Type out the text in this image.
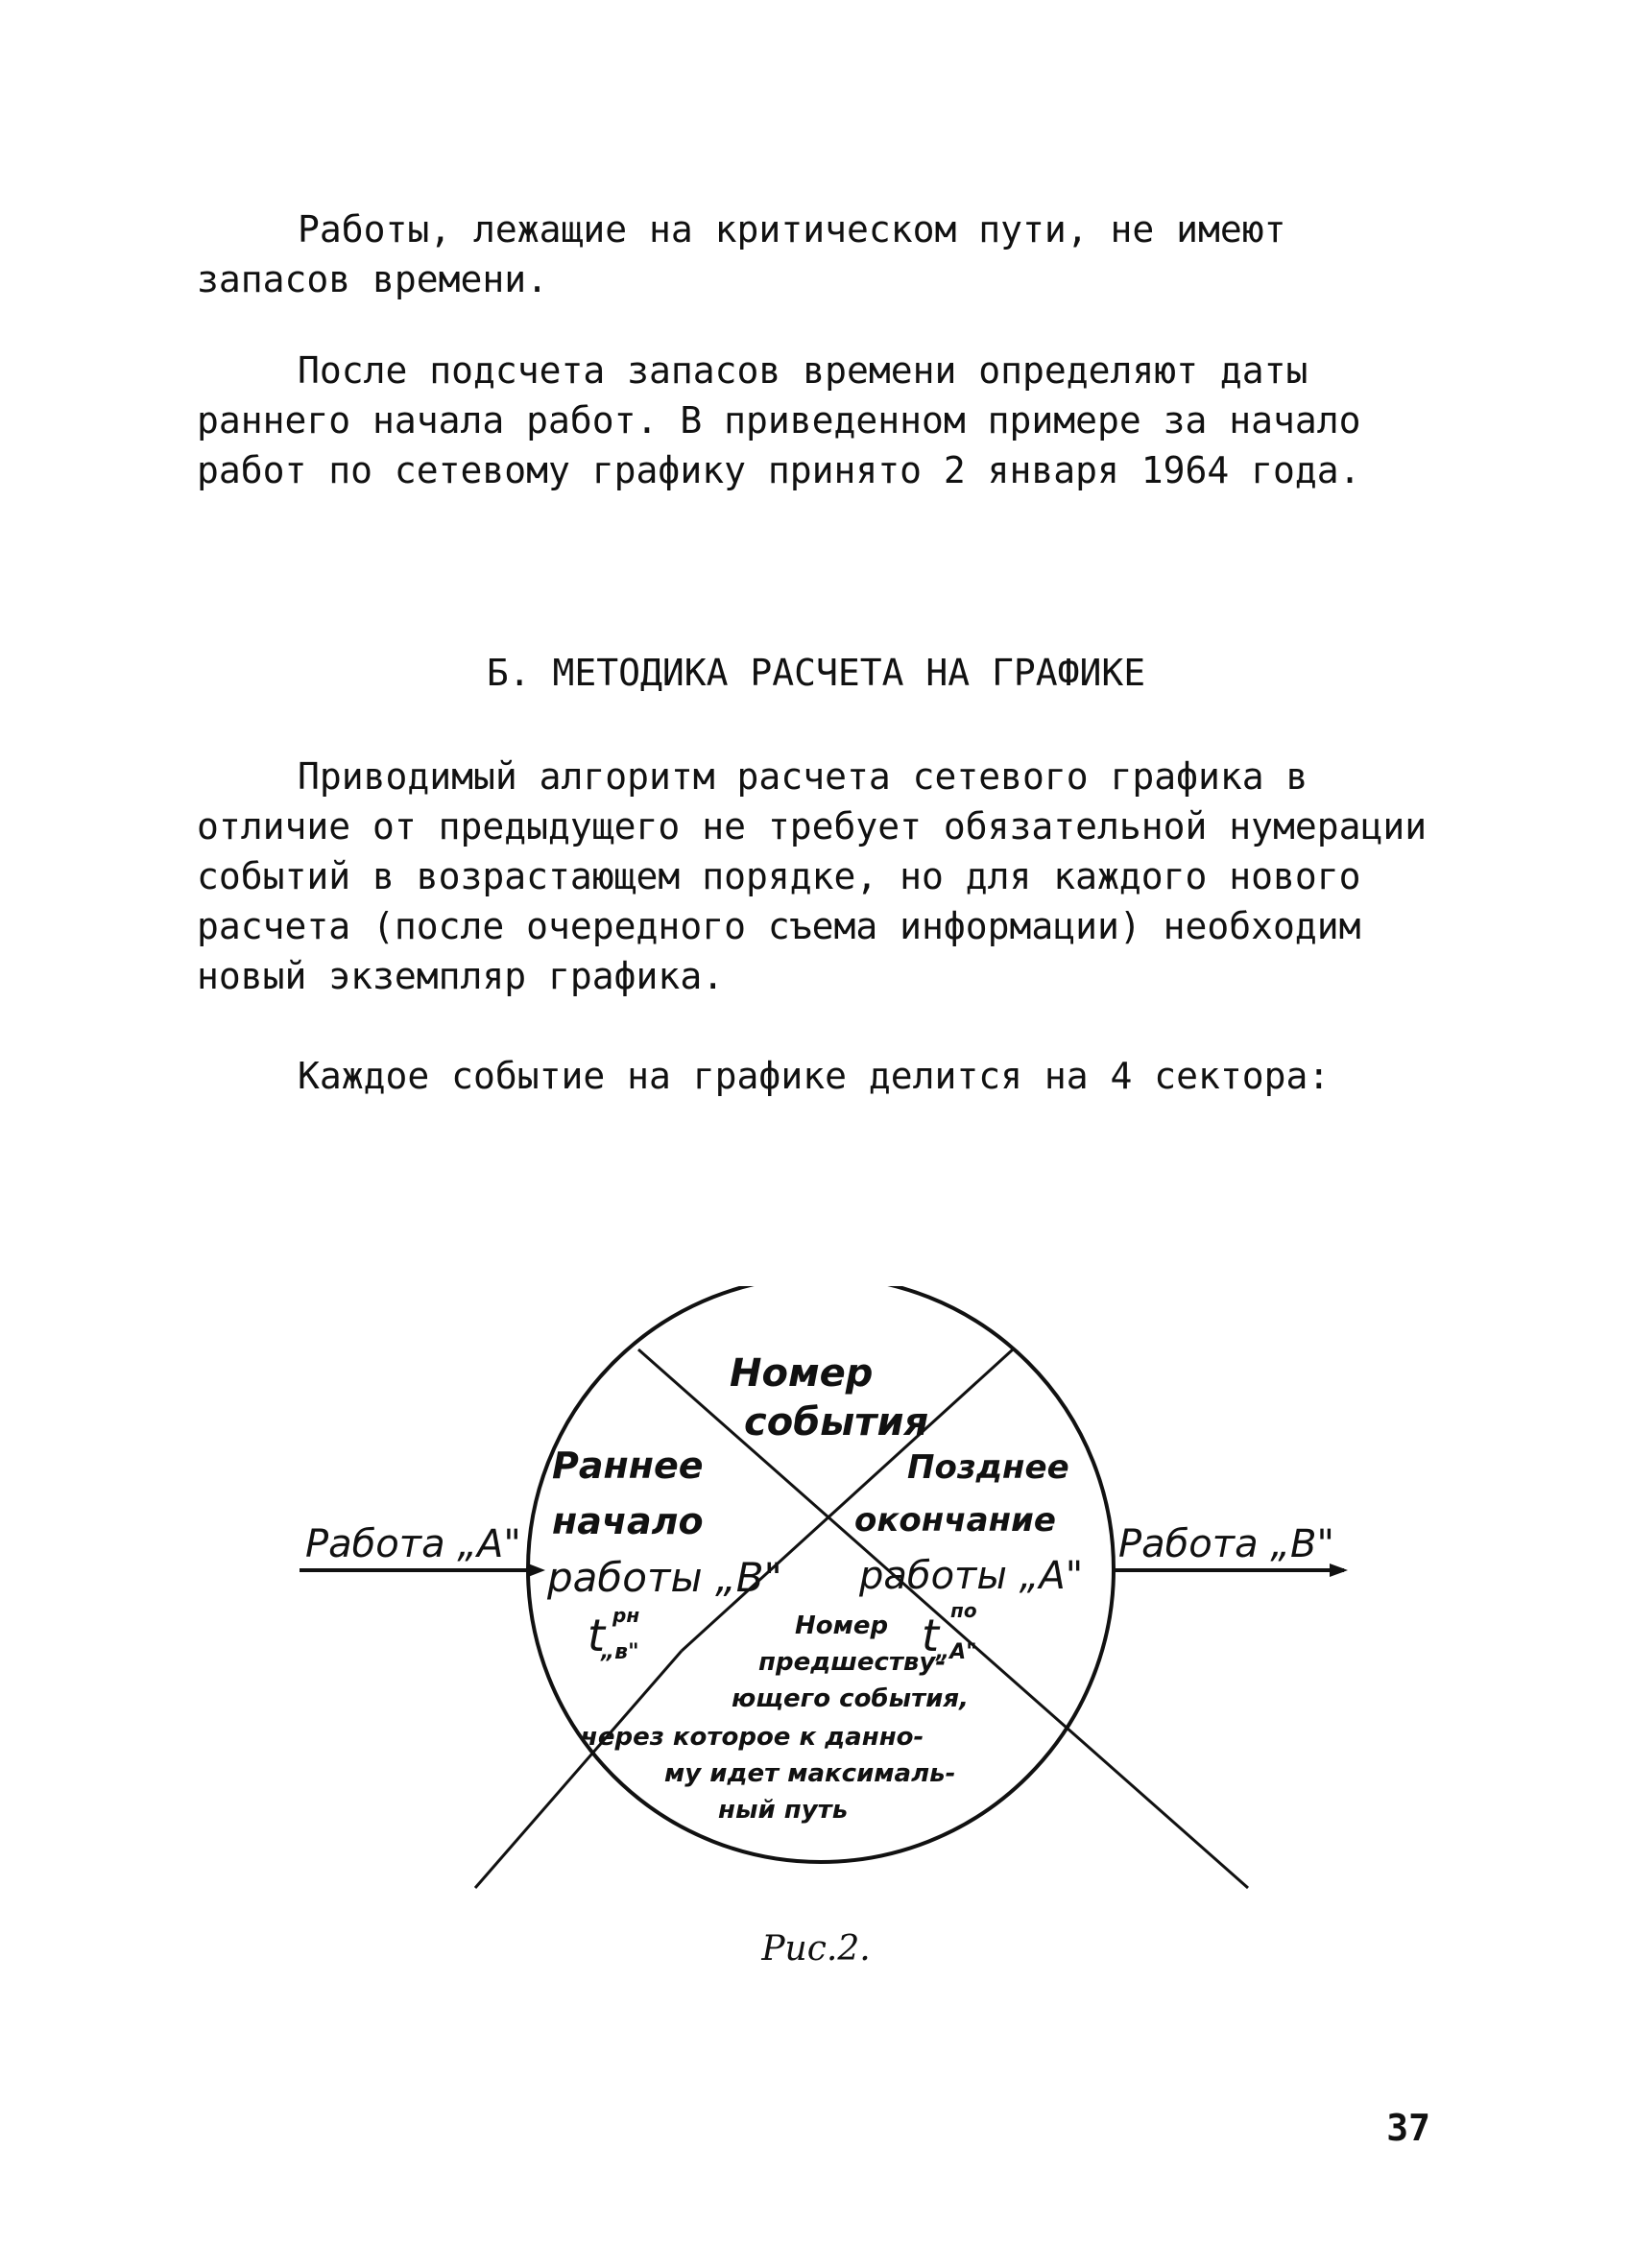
Работы, лежащие на критическом пути, не имеют запасов времени.

После подсчета запасов времени определяют даты раннего начала работ. В приведенном примере за начало работ по сетевому графику принято 2 января 1964 года.

Б. МЕТОДИКА РАСЧЕТА НА ГРАФИКЕ

Приводимый алгоритм расчета сетевого графика в отличие от предыдущего не требует обязательной нумерации событий в возрастающем порядке, но для каждого нового расчета (после очередного съема информации) необходим новый экземпляр графика.

Каждое событие на графике делится на 4 сектора:

Работа „А"	Работа „В"
Номер
события
Раннее
начало
работы „В"
t рн
„в"
Позднее
окончание
работы „А"
t по
„А"
Номер
предшеству-
ющего события,
через которое к данно-
му идет максималь-
ный путь
Рис.2.
37
